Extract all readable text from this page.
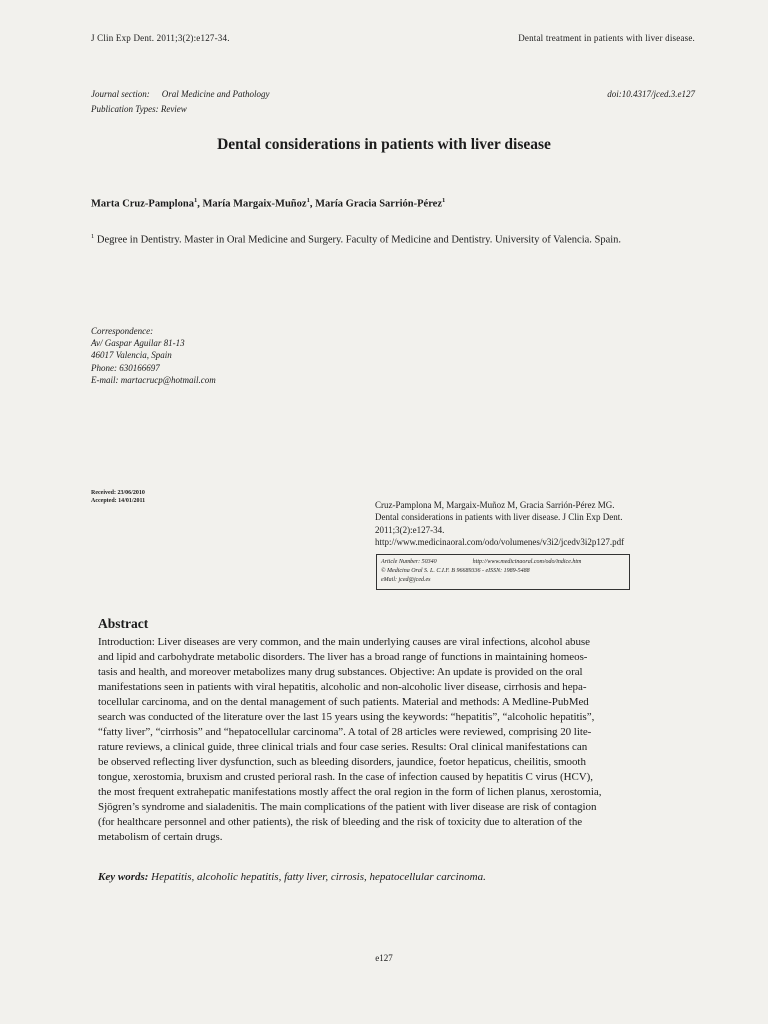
J Clin Exp Dent. 2011;3(2):e127-34.	Dental treatment in patients with liver disease.
Journal section: Oral Medicine and Pathology	doi:10.4317/jced.3.e127
Publication Types: Review
Dental considerations in patients with liver disease
Marta Cruz-Pamplona$^1$, María Margaix-Muñoz$^1$, María Gracia Sarrión-Pérez$^1$
$^1$ Degree in Dentistry. Master in Oral Medicine and Surgery. Faculty of Medicine and Dentistry. University of Valencia. Spain.
Correspondence:
Av/ Gaspar Aguilar 81-13
46017 Valencia, Spain
Phone: 630166697
E-mail: martacrucp@hotmail.com
Received: 23/06/2010
Accepted: 14/01/2011	Cruz-Pamplona M, Margaix-Muñoz M, Gracia Sarrión-Pérez MG.
Dental considerations in patients with liver disease. J Clin Exp Dent.
2011;3(2):e127-34.
http://www.medicinaoral.com/odo/volumenes/v3i2/jcedv3i2p127.pdf
Article Number: 50340	http://www.medicinaoral.com/odo/indice.htm
© Medicina Oral S. L. C.I.F. B 96689336 - eISSN: 1989-5488
eMail: jced@jced.es
Abstract
Introduction: Liver diseases are very common, and the main underlying causes are viral infections, alcohol abuse
and lipid and carbohydrate metabolic disorders. The liver has a broad range of functions in maintaining homeos-
tasis and health, and moreover metabolizes many drug substances. Objective: An update is provided on the oral
manifestations seen in patients with viral hepatitis, alcoholic and non-alcoholic liver disease, cirrhosis and hepa-
tocellular carcinoma, and on the dental management of such patients. Material and methods: A Medline-PubMed
search was conducted of the literature over the last 15 years using the keywords: “hepatitis”, “alcoholic hepatitis”,
“fatty liver”, “cirrhosis” and “hepatocellular carcinoma”. A total of 28 articles were reviewed, comprising 20 lite-
rature reviews, a clinical guide, three clinical trials and four case series. Results: Oral clinical manifestations can
be observed reflecting liver dysfunction, such as bleeding disorders, jaundice, foetor hepaticus, cheilitis, smooth
tongue, xerostomia, bruxism and crusted perioral rash. In the case of infection caused by hepatitis C virus (HCV),
the most frequent extrahepatic manifestations mostly affect the oral region in the form of lichen planus, xerostomia,
Sjögren’s syndrome and sialadenitis. The main complications of the patient with liver disease are risk of contagion
(for healthcare personnel and other patients), the risk of bleeding and the risk of toxicity due to alteration of the
metabolism of certain drugs.
Key words: Hepatitis, alcoholic hepatitis, fatty liver, cirrosis, hepatocellular carcinoma.
e127
